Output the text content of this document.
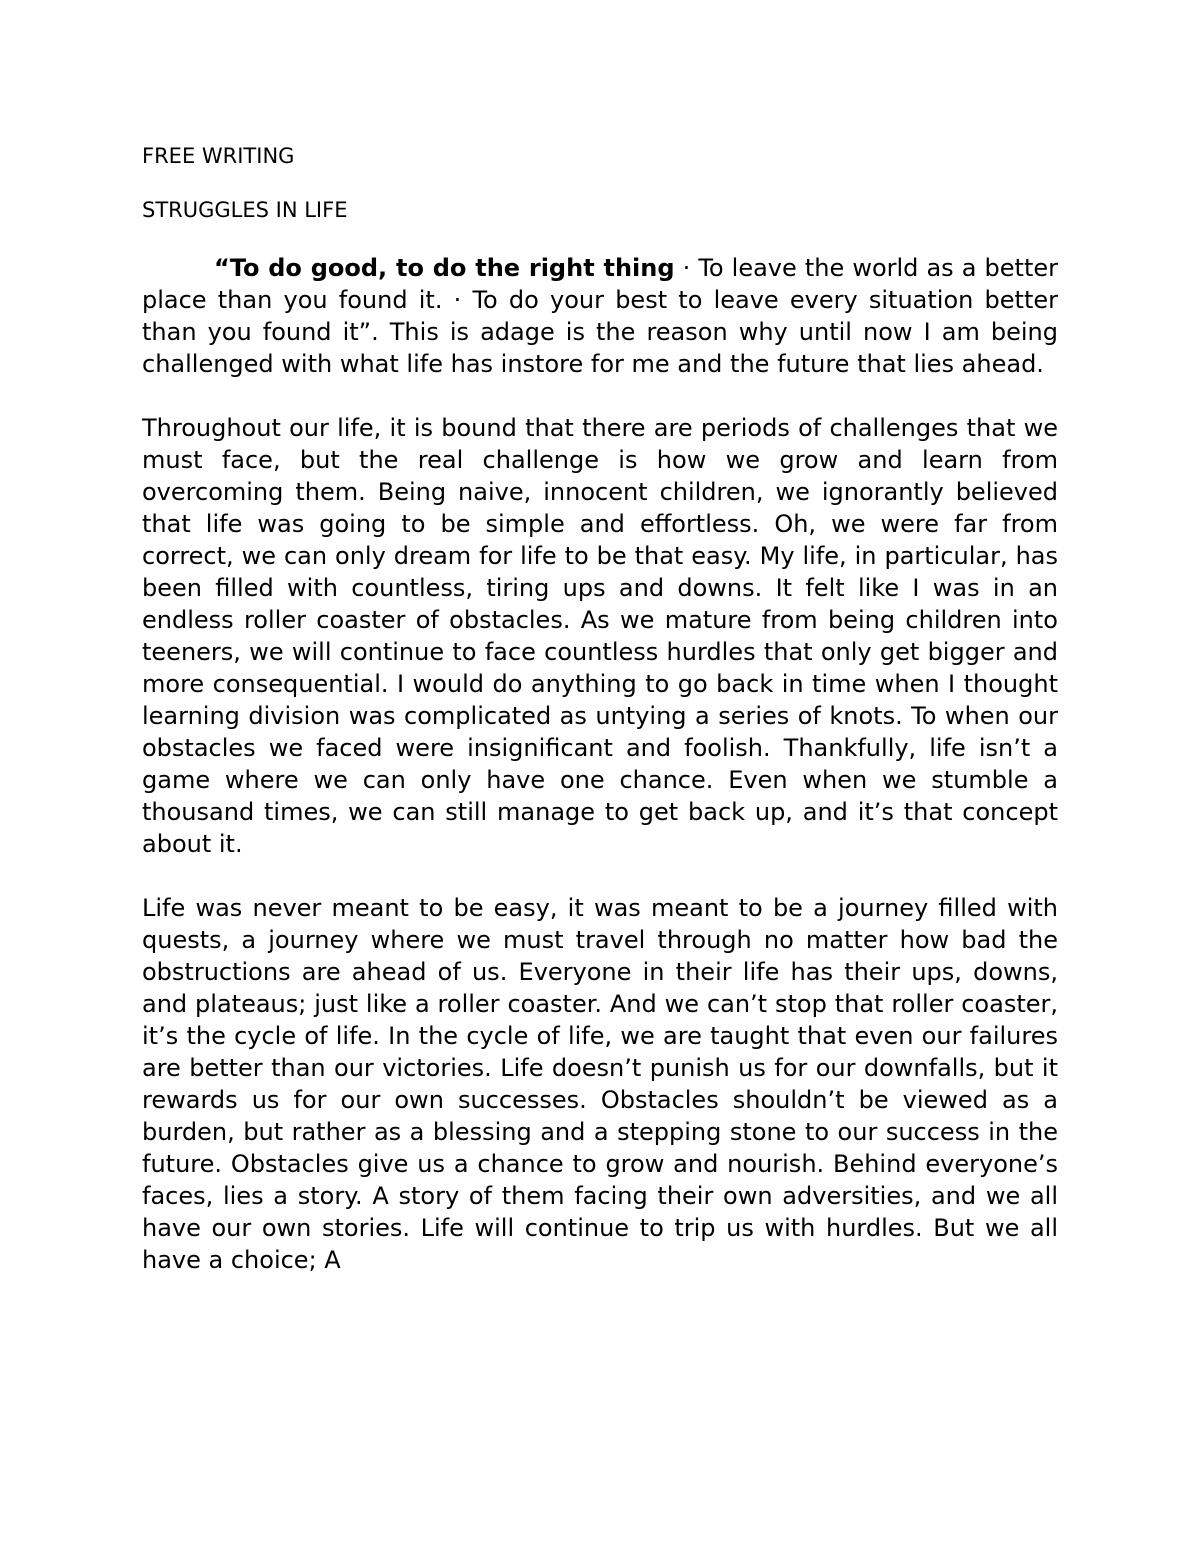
FREE WRITING

STRUGGLES IN LIFE

“To do good, to do the right thing · To leave the world as a better place than you found it. · To do your best to leave every situation better than you found it”. This is adage is the reason why until now I am being challenged with what life has instore for me and the future that lies ahead.

Throughout our life, it is bound that there are periods of challenges that we must face, but the real challenge is how we grow and learn from overcoming them. Being naive, innocent children, we ignorantly believed that life was going to be simple and effortless. Oh, we were far from correct, we can only dream for life to be that easy. My life, in particular, has been filled with countless, tiring ups and downs. It felt like I was in an endless roller coaster of obstacles. As we mature from being children into teeners, we will continue to face countless hurdles that only get bigger and more consequential. I would do anything to go back in time when I thought learning division was complicated as untying a series of knots. To when our obstacles we faced were insignificant and foolish. Thankfully, life isn’t a game where we can only have one chance. Even when we stumble a thousand times, we can still manage to get back up, and it’s that concept about it.

Life was never meant to be easy, it was meant to be a journey filled with quests, a journey where we must travel through no matter how bad the obstructions are ahead of us. Everyone in their life has their ups, downs, and plateaus; just like a roller coaster. And we can’t stop that roller coaster, it’s the cycle of life. In the cycle of life, we are taught that even our failures are better than our victories. Life doesn’t punish us for our downfalls, but it rewards us for our own successes. Obstacles shouldn’t be viewed as a burden, but rather as a blessing and a stepping stone to our success in the future. Obstacles give us a chance to grow and nourish. Behind everyone’s faces, lies a story. A story of them facing their own adversities, and we all have our own stories. Life will continue to trip us with hurdles. But we all have a choice; A
